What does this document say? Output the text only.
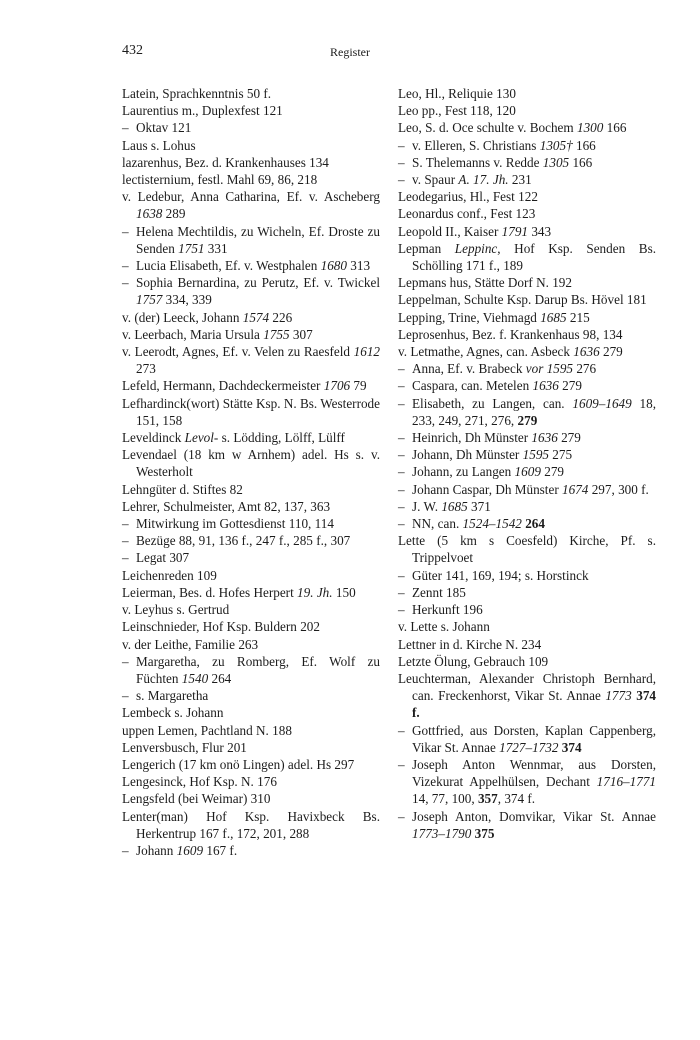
432	Register

Latein, Sprachkenntnis 50 f.

Laurentius m., Duplexfest 121

– Oktav 121

Laus s. Lohus

lazarenhus, Bez. d. Krankenhauses 134

lectisternium, festl. Mahl 69, 86, 218

v. Ledebur, Anna Catharina, Ef. v. Ascheberg 1638 289

– Helena Mechtildis, zu Wicheln, Ef. Droste zu Senden 1751 331

– Lucia Elisabeth, Ef. v. Westphalen 1680 313

– Sophia Bernardina, zu Perutz, Ef. v. Twickel 1757 334, 339

v. (der) Leeck, Johann 1574 226

v. Leerbach, Maria Ursula 1755 307

v. Leerodt, Agnes, Ef. v. Velen zu Raesfeld 1612 273

Lefeld, Hermann, Dachdeckermeister 1706 79

Lefhardinck(wort) Stätte Ksp. N. Bs. Westerrode 151, 158

Leveldinck Levol- s. Lödding, Lölff, Lülff

Levendael (18 km w Arnhem) adel. Hs s. v. Westerholt

Lehngüter d. Stiftes 82

Lehrer, Schulmeister, Amt 82, 137, 363

– Mitwirkung im Gottesdienst 110, 114

– Bezüge 88, 91, 136 f., 247 f., 285 f., 307

– Legat 307

Leichenreden 109

Leierman, Bes. d. Hofes Herpert 19. Jh. 150

v. Leyhus s. Gertrud

Leinschnieder, Hof Ksp. Buldern 202

v. der Leithe, Familie 263

– Margaretha, zu Romberg, Ef. Wolf zu Füchten 1540 264

– s. Margaretha

Lembeck s. Johann

uppen Lemen, Pachtland N. 188

Lenversbusch, Flur 201

Lengerich (17 km onö Lingen) adel. Hs 297

Lengesinck, Hof Ksp. N. 176

Lengsfeld (bei Weimar) 310

Lenter(man) Hof Ksp. Havixbeck Bs. Herkentrup 167 f., 172, 201, 288

– Johann 1609 167 f.

Leo, Hl., Reliquie 130

Leo pp., Fest 118, 120

Leo, S. d. Oce schulte v. Bochem 1300 166

– v. Elleren, S. Christians 1305† 166

– S. Thelemanns v. Redde 1305 166

– v. Spaur A. 17. Jh. 231

Leodegarius, Hl., Fest 122

Leonardus conf., Fest 123

Leopold II., Kaiser 1791 343

Lepman Leppinc, Hof Ksp. Senden Bs. Schölling 171 f., 189

Lepmans hus, Stätte Dorf N. 192

Leppelman, Schulte Ksp. Darup Bs. Hövel 181

Lepping, Trine, Viehmagd 1685 215

Leprosenhus, Bez. f. Krankenhaus 98, 134

v. Letmathe, Agnes, can. Asbeck 1636 279

– Anna, Ef. v. Brabeck vor 1595 276

– Caspara, can. Metelen 1636 279

– Elisabeth, zu Langen, can. 1609–1649 18, 233, 249, 271, 276, 279

– Heinrich, Dh Münster 1636 279

– Johann, Dh Münster 1595 275

– Johann, zu Langen 1609 279

– Johann Caspar, Dh Münster 1674 297, 300 f.

– J. W. 1685 371

– NN, can. 1524–1542 264

Lette (5 km s Coesfeld) Kirche, Pf. s. Trippelvoet

– Güter 141, 169, 194; s. Horstinck

– Zennt 185

– Herkunft 196

v. Lette s. Johann

Lettner in d. Kirche N. 234

Letzte Ölung, Gebrauch 109

Leuchterman, Alexander Christoph Bernhard, can. Freckenhorst, Vikar St. Annae 1773 374 f.

– Gottfried, aus Dorsten, Kaplan Cappenberg, Vikar St. Annae 1727–1732 374

– Joseph Anton Wennmar, aus Dorsten, Vizekurat Appelhülsen, Dechant 1716–1771 14, 77, 100, 357, 374 f.

– Joseph Anton, Domvikar, Vikar St. Annae 1773–1790 375
